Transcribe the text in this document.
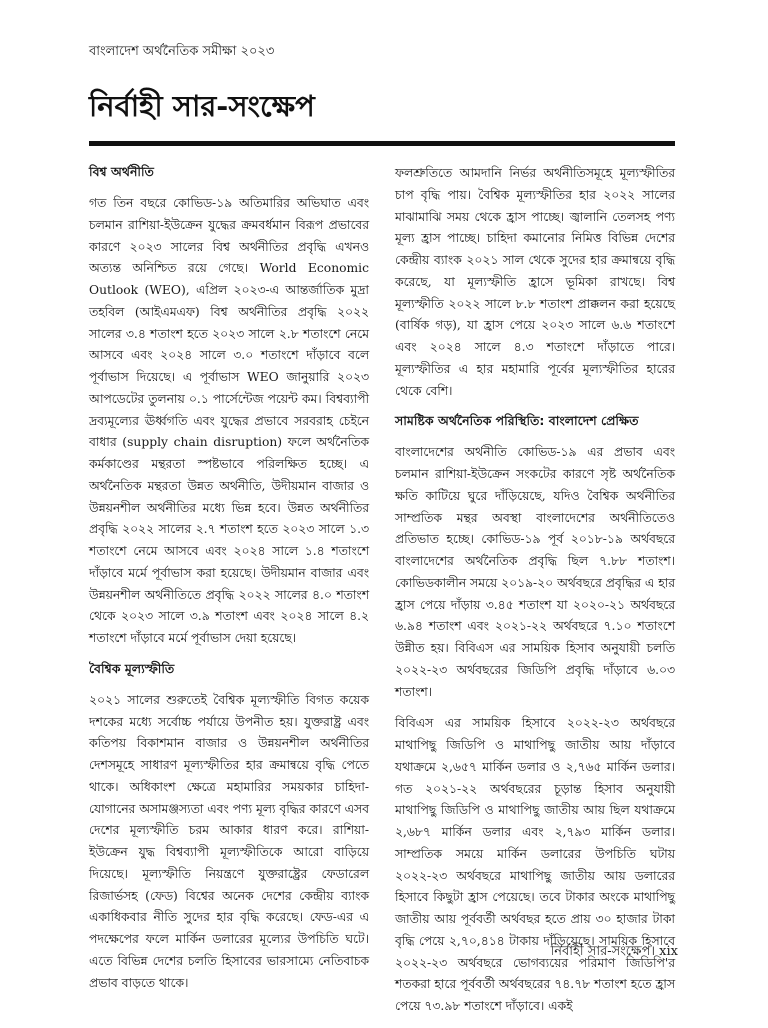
বাংলাদেশ অর্থনৈতিক সমীক্ষা ২০২৩
নির্বাহী সার-সংক্ষেপ
বিশ্ব অর্থনীতি

গত তিন বছরে কোভিড-১৯ অতিমারির অভিঘাত এবং চলমান রাশিয়া-ইউক্রেন যুদ্ধের ক্রমবর্ধমান বিরূপ প্রভাবের কারণে ২০২৩ সালের বিশ্ব অর্থনীতির প্রবৃদ্ধি এখনও অত্যন্ত অনিশ্চিত রয়ে গেছে। World Economic Outlook (WEO), এপ্রিল ২০২৩-এ আন্তর্জাতিক মুদ্রা তহবিল (আইএমএফ) বিশ্ব অর্থনীতির প্রবৃদ্ধি ২০২২ সালের ৩.৪ শতাংশ হতে ২০২৩ সালে ২.৮ শতাংশে নেমে আসবে এবং ২০২৪ সালে ৩.০ শতাংশে দাঁড়াবে বলে পূর্বাভাস দিয়েছে। এ পূর্বাভাস WEO জানুয়ারি ২০২৩ আপডেটের তুলনায় ০.১ পার্সেন্টেজ পয়েন্ট কম। বিশ্বব্যাপী দ্রব্যমূল্যের ঊর্ধ্বগতি এবং যুদ্ধের প্রভাবে সরবরাহ চেইনে বাধার (supply chain disruption) ফলে অর্থনৈতিক কর্মকাণ্ডের মন্থরতা স্পষ্টভাবে পরিলক্ষিত হচ্ছে। এ অর্থনৈতিক মন্থরতা উন্নত অর্থনীতি, উদীয়মান বাজার ও উন্নয়নশীল অর্থনীতির মধ্যে ভিন্ন হবে। উন্নত অর্থনীতির প্রবৃদ্ধি ২০২২ সালের ২.৭ শতাংশ হতে ২০২৩ সালে ১.৩ শতাংশে নেমে আসবে এবং ২০২৪ সালে ১.৪ শতাংশে দাঁড়াবে মর্মে পূর্বাভাস করা হয়েছে। উদীয়মান বাজার এবং উন্নয়নশীল অর্থনীতিতে প্রবৃদ্ধি ২০২২ সালের ৪.০ শতাংশ থেকে ২০২৩ সালে ৩.৯ শতাংশ এবং ২০২৪ সালে ৪.২ শতাংশে দাঁড়াবে মর্মে পূর্বাভাস দেয়া হয়েছে।

বৈশ্বিক মূল্যস্ফীতি

২০২১ সালের শুরুতেই বৈশ্বিক মূল্যস্ফীতি বিগত কয়েক দশকের মধ্যে সর্বোচ্চ পর্যায়ে উপনীত হয়। যুক্তরাষ্ট্র এবং কতিপয় বিকাশমান বাজার ও উন্নয়নশীল অর্থনীতির দেশসমূহে সাধারণ মূল্যস্ফীতির হার ক্রমান্বয়ে বৃদ্ধি পেতে থাকে। অধিকাংশ ক্ষেত্রে মহামারির সময়কার চাহিদা-যোগানের অসামঞ্জস্যতা এবং পণ্য মূল্য বৃদ্ধির কারণে এসব দেশের মূল্যস্ফীতি চরম আকার ধারণ করে। রাশিয়া-ইউক্রেন যুদ্ধ বিশ্বব্যাপী মূল্যস্ফীতিকে আরো বাড়িয়ে দিয়েছে। মূল্যস্ফীতি নিয়ন্ত্রণে যুক্তরাষ্ট্রের ফেডারেল রিজার্ভসহ (ফেড) বিশ্বের অনেক দেশের কেন্দ্রীয় ব্যাংক একাধিকবার নীতি সুদের হার বৃদ্ধি করেছে। ফেড-এর এ পদক্ষেপের ফলে মার্কিন ডলারের মূল্যের উপচিতি ঘটে। এতে বিভিন্ন দেশের চলতি হিসাবের ভারসাম্যে নেতিবাচক প্রভাব বাড়তে থাকে।

ফলশ্রুতিতে আমদানি নির্ভর অর্থনীতিসমূহে মূল্যস্ফীতির চাপ বৃদ্ধি পায়। বৈশ্বিক মূল্যস্ফীতির হার ২০২২ সালের মাঝামাঝি সময় থেকে হ্রাস পাচ্ছে। জ্বালানি তেলসহ পণ্য মূল্য হ্রাস পাচ্ছে। চাহিদা কমানোর নিমিত্ত বিভিন্ন দেশের কেন্দ্রীয় ব্যাংক ২০২১ সাল থেকে সুদের হার ক্রমান্বয়ে বৃদ্ধি করেছে, যা মূল্যস্ফীতি হ্রাসে ভূমিকা রাখছে। বিশ্ব মূল্যস্ফীতি ২০২২ সালে ৮.৮ শতাংশ প্রাক্কলন করা হয়েছে (বার্ষিক গড়), যা হ্রাস পেয়ে ২০২৩ সালে ৬.৬ শতাংশে এবং ২০২৪ সালে ৪.৩ শতাংশে দাঁড়াতে পারে। মূল্যস্ফীতির এ হার মহামারি পূর্বের মূল্যস্ফীতির হারের থেকে বেশি।

সামষ্টিক অর্থনৈতিক পরিস্থিতি: বাংলাদেশ প্রেক্ষিত

বাংলাদেশের অর্থনীতি কোভিড-১৯ এর প্রভাব এবং চলমান রাশিয়া-ইউক্রেন সংকটের কারণে সৃষ্ট অর্থনৈতিক ক্ষতি কাটিয়ে ঘুরে দাঁড়িয়েছে, যদিও বৈশ্বিক অর্থনীতির সাম্প্রতিক মন্থর অবস্থা বাংলাদেশের অর্থনীতিতেও প্রতিভাত হচ্ছে। কোভিড-১৯ পূর্ব ২০১৮-১৯ অর্থবছরে বাংলাদেশের অর্থনৈতিক প্রবৃদ্ধি ছিল ৭.৮৮ শতাংশ। কোভিডকালীন সময়ে ২০১৯-২০ অর্থবছরে প্রবৃদ্ধির এ হার হ্রাস পেয়ে দাঁড়ায় ৩.৪৫ শতাংশ যা ২০২০-২১ অর্থবছরে ৬.৯৪ শতাংশ এবং ২০২১-২২ অর্থবছরে ৭.১০ শতাংশে উন্নীত হয়। বিবিএস এর সাময়িক হিসাব অনুযায়ী চলতি ২০২২-২৩ অর্থবছরের জিডিপি প্রবৃদ্ধি দাঁড়াবে ৬.০৩ শতাংশ।

বিবিএস এর সাময়িক হিসাবে ২০২২-২৩ অর্থবছরে মাথাপিছু জিডিপি ও মাথাপিছু জাতীয় আয় দাঁড়াবে যথাক্রমে ২,৬৫৭ মার্কিন ডলার ও ২,৭৬৫ মার্কিন ডলার। গত ২০২১-২২ অর্থবছরের চূড়ান্ত হিসাব অনুযায়ী মাথাপিছু জিডিপি ও মাথাপিছু জাতীয় আয় ছিল যথাক্রমে ২,৬৮৭ মার্কিন ডলার এবং ২,৭৯৩ মার্কিন ডলার। সাম্প্রতিক সময়ে মার্কিন ডলারের উপচিতি ঘটায় ২০২২-২৩ অর্থবছরে মাথাপিছু জাতীয় আয় ডলারের হিসাবে কিছুটা হ্রাস পেয়েছে। তবে টাকার অংকে মাথাপিছু জাতীয় আয় পূর্ববর্তী অর্থবছর হতে প্রায় ৩০ হাজার টাকা বৃদ্ধি পেয়ে ২,৭০,৪১৪ টাকায় দাঁড়িয়েছে। সাময়িক হিসাবে ২০২২-২৩ অর্থবছরে ভোগব্যয়ের পরিমাণ জিডিপি'র শতকরা হারে পূর্ববর্তী অর্থবছরের ৭৪.৭৮ শতাংশ হতে হ্রাস পেয়ে ৭৩.৯৮ শতাংশে দাঁড়াবে। একই

নির্বাহী সার-সংক্ষেপ। xix
